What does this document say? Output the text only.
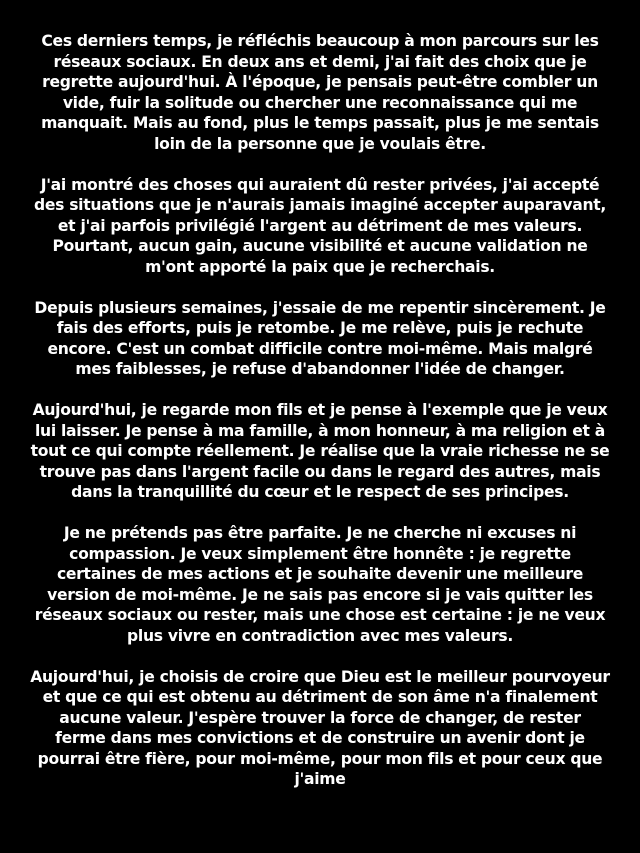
Ces derniers temps, je réfléchis beaucoup à mon parcours sur les
réseaux sociaux. En deux ans et demi, j'ai fait des choix que je
regrette aujourd'hui. À l'époque, je pensais peut-être combler un
vide, fuir la solitude ou chercher une reconnaissance qui me
manquait. Mais au fond, plus le temps passait, plus je me sentais
loin de la personne que je voulais être.

J'ai montré des choses qui auraient dû rester privées, j'ai accepté
des situations que je n'aurais jamais imaginé accepter auparavant,
et j'ai parfois privilégié l'argent au détriment de mes valeurs.
Pourtant, aucun gain, aucune visibilité et aucune validation ne
m'ont apporté la paix que je recherchais.

Depuis plusieurs semaines, j'essaie de me repentir sincèrement. Je
fais des efforts, puis je retombe. Je me relève, puis je rechute
encore. C'est un combat difficile contre moi-même. Mais malgré
mes faiblesses, je refuse d'abandonner l'idée de changer.

Aujourd'hui, je regarde mon fils et je pense à l'exemple que je veux
lui laisser. Je pense à ma famille, à mon honneur, à ma religion et à
tout ce qui compte réellement. Je réalise que la vraie richesse ne se
trouve pas dans l'argent facile ou dans le regard des autres, mais
dans la tranquillité du cœur et le respect de ses principes.

Je ne prétends pas être parfaite. Je ne cherche ni excuses ni
compassion. Je veux simplement être honnête : je regrette
certaines de mes actions et je souhaite devenir une meilleure
version de moi-même. Je ne sais pas encore si je vais quitter les
réseaux sociaux ou rester, mais une chose est certaine : je ne veux
plus vivre en contradiction avec mes valeurs.

Aujourd'hui, je choisis de croire que Dieu est le meilleur pourvoyeur
et que ce qui est obtenu au détriment de son âme n'a finalement
aucune valeur. J'espère trouver la force de changer, de rester
ferme dans mes convictions et de construire un avenir dont je
pourrai être fière, pour moi-même, pour mon fils et pour ceux que
j'aime
